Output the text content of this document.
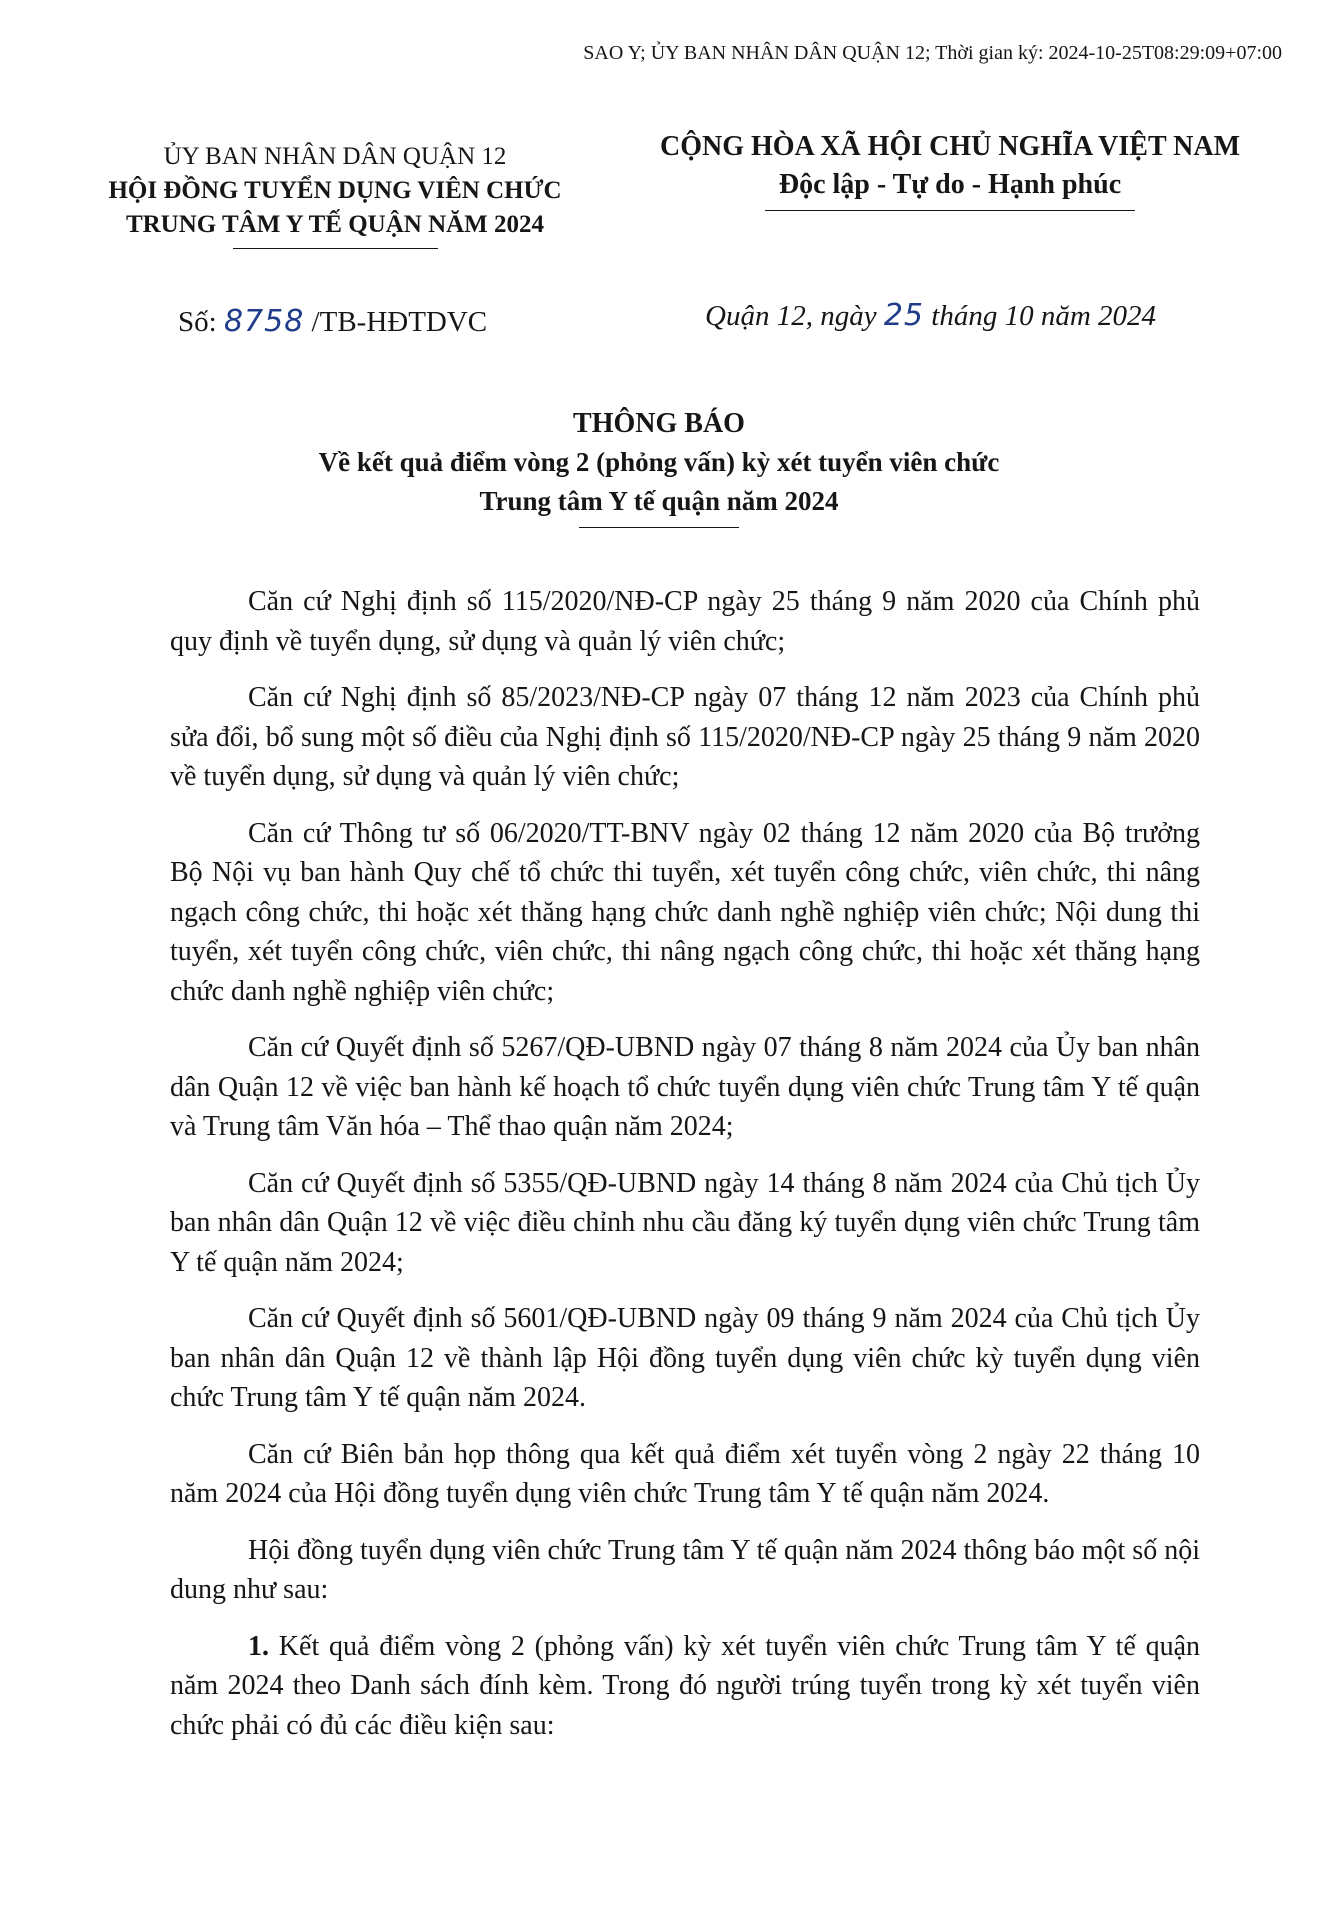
SAO Y; ỦY BAN NHÂN DÂN QUẬN 12; Thời gian ký: 2024-10-25T08:29:09+07:00
ỦY BAN NHÂN DÂN QUẬN 12
HỘI ĐỒNG TUYỂN DỤNG VIÊN CHỨC
TRUNG TÂM Y TẾ QUẬN NĂM 2024
CỘNG HÒA XÃ HỘI CHỦ NGHĨA VIỆT NAM
Độc lập - Tự do - Hạnh phúc
Số: 8758 /TB-HĐTDVC	Quận 12, ngày 25 tháng 10 năm 2024
THÔNG BÁO
Về kết quả điểm vòng 2 (phỏng vấn) kỳ xét tuyển viên chức
Trung tâm Y tế quận năm 2024

Căn cứ Nghị định số 115/2020/NĐ-CP ngày 25 tháng 9 năm 2020 của Chính phủ quy định về tuyển dụng, sử dụng và quản lý viên chức;

Căn cứ Nghị định số 85/2023/NĐ-CP ngày 07 tháng 12 năm 2023 của Chính phủ sửa đổi, bổ sung một số điều của Nghị định số 115/2020/NĐ-CP ngày 25 tháng 9 năm 2020 về tuyển dụng, sử dụng và quản lý viên chức;

Căn cứ Thông tư số 06/2020/TT-BNV ngày 02 tháng 12 năm 2020 của Bộ trưởng Bộ Nội vụ ban hành Quy chế tổ chức thi tuyển, xét tuyển công chức, viên chức, thi nâng ngạch công chức, thi hoặc xét thăng hạng chức danh nghề nghiệp viên chức; Nội dung thi tuyển, xét tuyển công chức, viên chức, thi nâng ngạch công chức, thi hoặc xét thăng hạng chức danh nghề nghiệp viên chức;

Căn cứ Quyết định số 5267/QĐ-UBND ngày 07 tháng 8 năm 2024 của Ủy ban nhân dân Quận 12 về việc ban hành kế hoạch tổ chức tuyển dụng viên chức Trung tâm Y tế quận và Trung tâm Văn hóa – Thể thao quận năm 2024;

Căn cứ Quyết định số 5355/QĐ-UBND ngày 14 tháng 8 năm 2024 của Chủ tịch Ủy ban nhân dân Quận 12 về việc điều chỉnh nhu cầu đăng ký tuyển dụng viên chức Trung tâm Y tế quận năm 2024;

Căn cứ Quyết định số 5601/QĐ-UBND ngày 09 tháng 9 năm 2024 của Chủ tịch Ủy ban nhân dân Quận 12 về thành lập Hội đồng tuyển dụng viên chức kỳ tuyển dụng viên chức Trung tâm Y tế quận năm 2024.

Căn cứ Biên bản họp thông qua kết quả điểm xét tuyển vòng 2 ngày 22 tháng 10 năm 2024 của Hội đồng tuyển dụng viên chức Trung tâm Y tế quận năm 2024.

Hội đồng tuyển dụng viên chức Trung tâm Y tế quận năm 2024 thông báo một số nội dung như sau:

1. Kết quả điểm vòng 2 (phỏng vấn) kỳ xét tuyển viên chức Trung tâm Y tế quận năm 2024 theo Danh sách đính kèm. Trong đó người trúng tuyển trong kỳ xét tuyển viên chức phải có đủ các điều kiện sau:
